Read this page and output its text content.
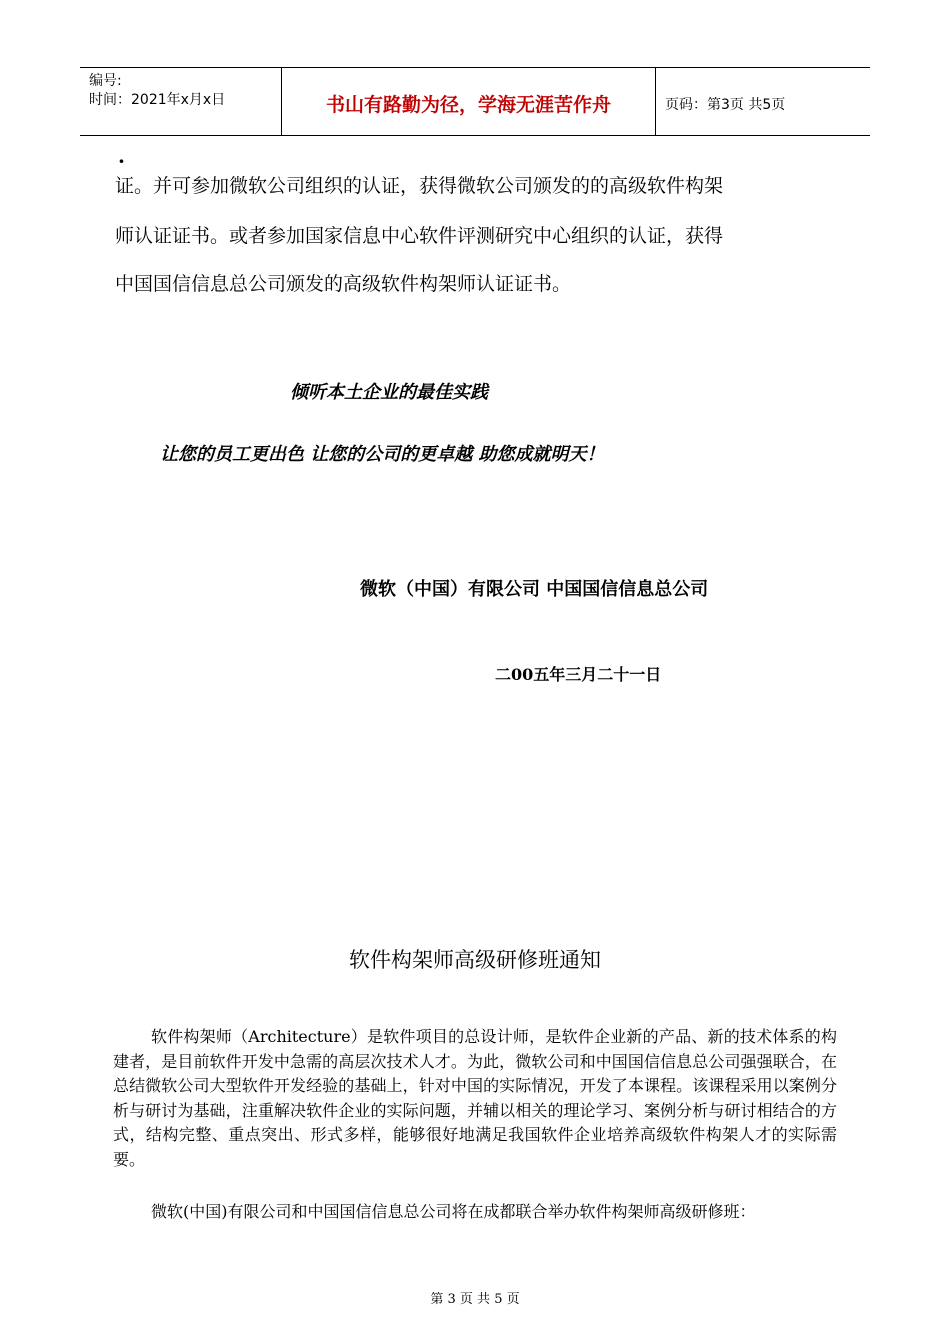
编号:
时间：2021年x月x日	书山有路勤为径，学海无涯苦作舟	页码：第3页 共5页
·
证。并可参加微软公司组织的认证，获得微软公司颁发的的高级软件构架
师认证证书。或者参加国家信息中心软件评测研究中心组织的认证，获得
中国国信信息总公司颁发的高级软件构架师认证证书。
倾听本土企业的最佳实践
让您的员工更出色 让您的公司的更卓越 助您成就明天！
微软（中国）有限公司 中国国信信息总公司
二00五年三月二十一日
软件构架师高级研修班通知
软件构架师（Architecture）是软件项目的总设计师，是软件企业新的产品、新的技术体系的构建者，是目前软件开发中急需的高层次技术人才。为此，微软公司和中国国信信息总公司强强联合，在总结微软公司大型软件开发经验的基础上，针对中国的实际情况，开发了本课程。该课程采用以案例分析与研讨为基础，注重解决软件企业的实际问题，并辅以相关的理论学习、案例分析与研讨相结合的方式，结构完整、重点突出、形式多样，能够很好地满足我国软件企业培养高级软件构架人才的实际需要。
微软(中国)有限公司和中国国信信息总公司将在成都联合举办软件构架师高级研修班：
第 3 页 共 5 页
